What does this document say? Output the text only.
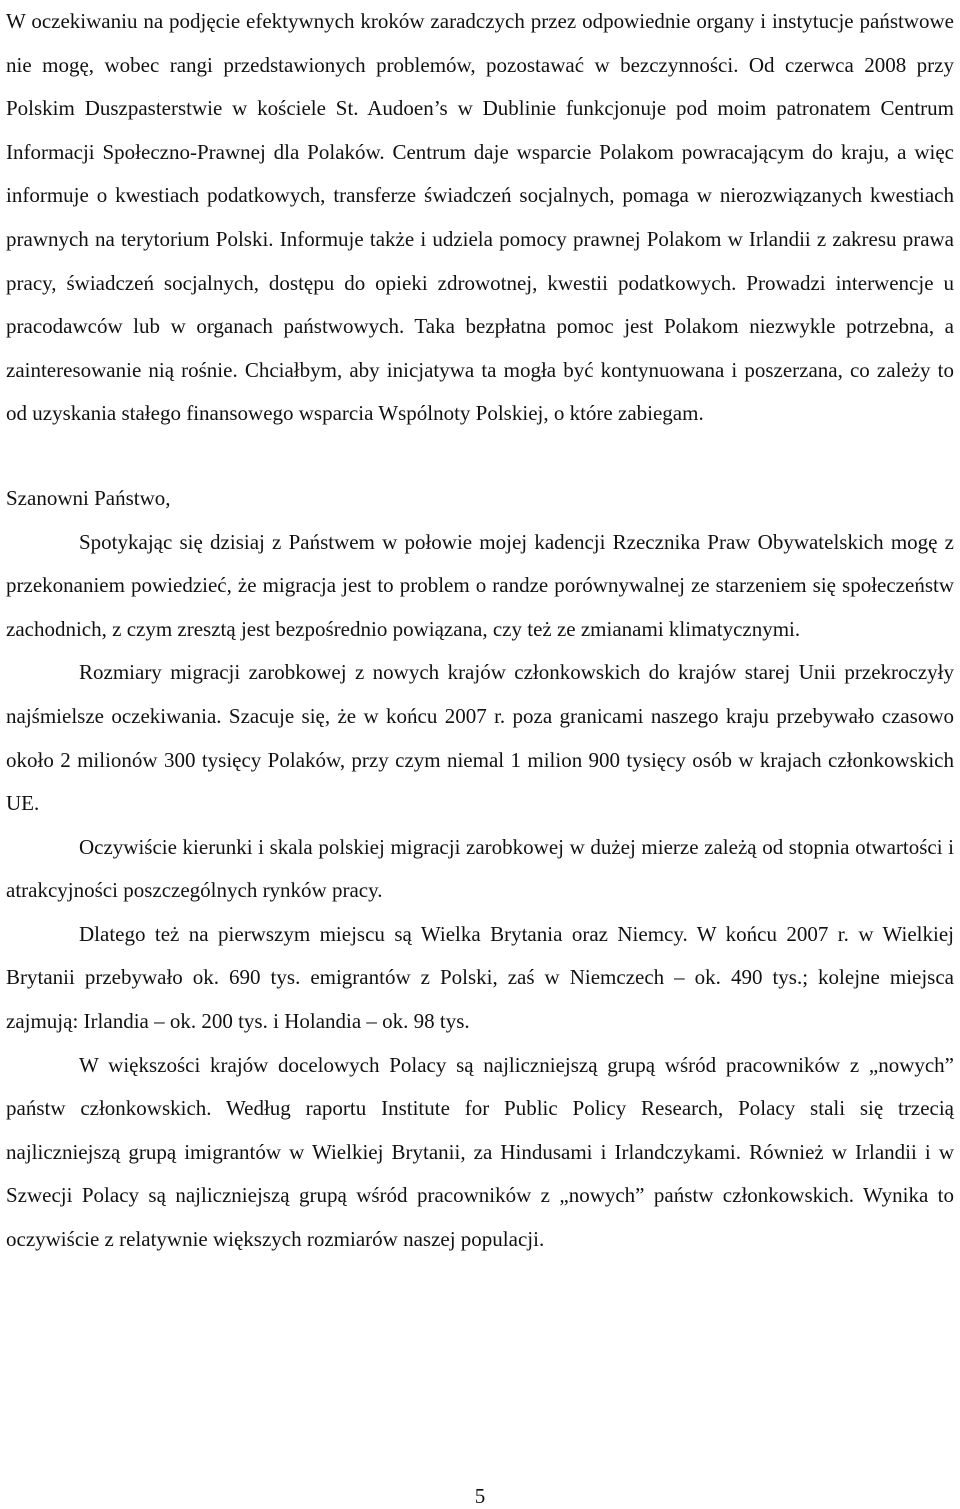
W oczekiwaniu na podjęcie efektywnych kroków zaradczych przez odpowiednie organy i instytucje państwowe nie mogę, wobec rangi przedstawionych problemów, pozostawać w bezczynności. Od czerwca 2008 przy Polskim Duszpasterstwie w kościele St. Audoen’s w Dublinie funkcjonuje pod moim patronatem Centrum Informacji Społeczno-Prawnej dla Polaków. Centrum daje wsparcie Polakom powracającym do kraju, a więc informuje o kwestiach podatkowych, transferze świadczeń socjalnych, pomaga w nierozwiązanych kwestiach prawnych na terytorium Polski. Informuje także i udziela pomocy prawnej Polakom w Irlandii z zakresu prawa pracy, świadczeń socjalnych, dostępu do opieki zdrowotnej, kwestii podatkowych. Prowadzi interwencje u pracodawców lub w organach państwowych. Taka bezpłatna pomoc jest Polakom niezwykle potrzebna, a zainteresowanie nią rośnie. Chciałbym, aby inicjatywa ta mogła być kontynuowana i poszerzana, co zależy to od uzyskania stałego finansowego wsparcia Wspólnoty Polskiej, o które zabiegam.

Szanowni Państwo,

Spotykając się dzisiaj z Państwem w połowie mojej kadencji Rzecznika Praw Obywatelskich mogę z przekonaniem powiedzieć, że migracja jest to problem o randze porównywalnej ze starzeniem się społeczeństw zachodnich, z czym zresztą jest bezpośrednio powiązana, czy też ze zmianami klimatycznymi.

Rozmiary migracji zarobkowej z nowych krajów członkowskich do krajów starej Unii przekroczyły najśmielsze oczekiwania. Szacuje się, że w końcu 2007 r. poza granicami naszego kraju przebywało czasowo około 2 milionów 300 tysięcy Polaków, przy czym niemal 1 milion 900 tysięcy osób w krajach członkowskich UE.

Oczywiście kierunki i skala polskiej migracji zarobkowej w dużej mierze zależą od stopnia otwartości i atrakcyjności poszczególnych rynków pracy.

Dlatego też na pierwszym miejscu są Wielka Brytania oraz Niemcy. W końcu 2007 r. w Wielkiej Brytanii przebywało ok. 690 tys. emigrantów z Polski, zaś w Niemczech – ok. 490 tys.; kolejne miejsca zajmują: Irlandia – ok. 200 tys. i Holandia – ok. 98 tys.

W większości krajów docelowych Polacy są najliczniejszą grupą wśród pracowników z „nowych” państw członkowskich. Według raportu Institute for Public Policy Research, Polacy stali się trzecią najliczniejszą grupą imigrantów w Wielkiej Brytanii, za Hindusami i Irlandczykami. Również w Irlandii i w Szwecji Polacy są najliczniejszą grupą wśród pracowników z „nowych” państw członkowskich. Wynika to oczywiście z relatywnie większych rozmiarów naszej populacji.

5
